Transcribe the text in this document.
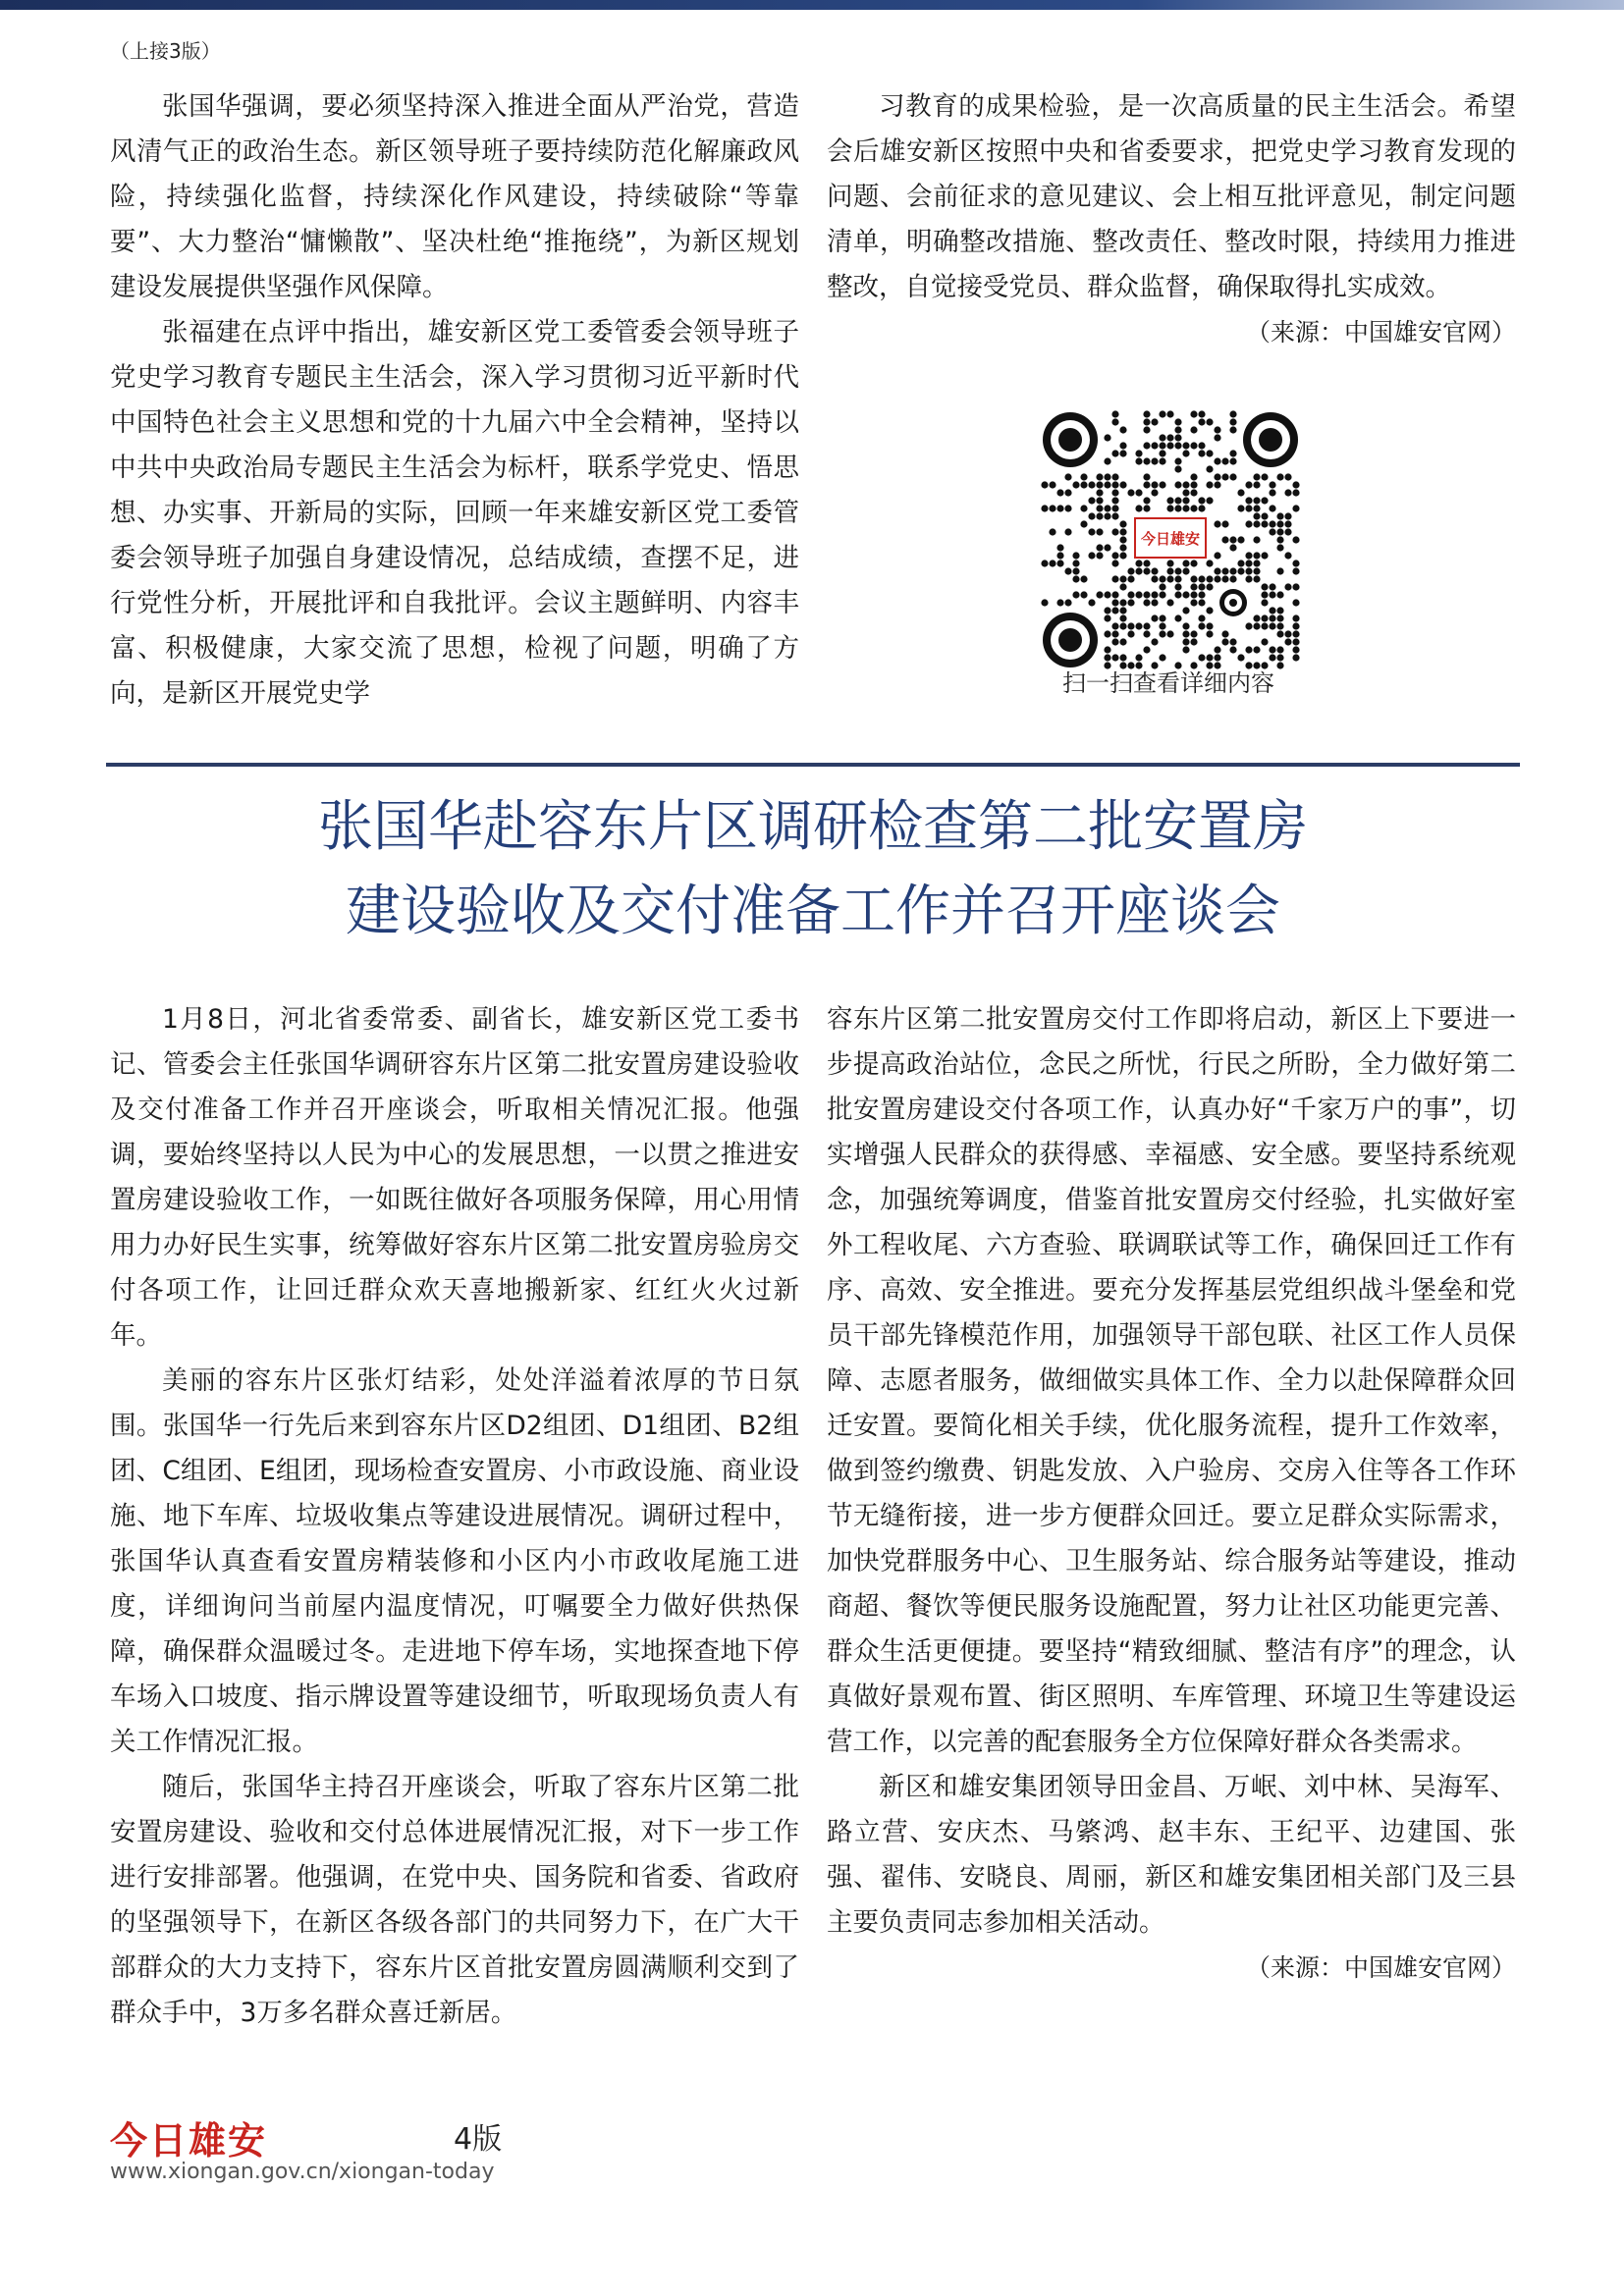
（上接3版）

张国华强调，要必须坚持深入推进全面从严治党，营造风清气正的政治生态。新区领导班子要持续防范化解廉政风险，持续强化监督，持续深化作风建设，持续破除“等靠要”、大力整治“慵懒散”、坚决杜绝“推拖绕”，为新区规划建设发展提供坚强作风保障。

张福建在点评中指出，雄安新区党工委管委会领导班子党史学习教育专题民主生活会，深入学习贯彻习近平新时代中国特色社会主义思想和党的十九届六中全会精神，坚持以中共中央政治局专题民主生活会为标杆，联系学党史、悟思想、办实事、开新局的实际，回顾一年来雄安新区党工委管委会领导班子加强自身建设情况，总结成绩，查摆不足，进行党性分析，开展批评和自我批评。会议主题鲜明、内容丰富、积极健康，大家交流了思想，检视了问题，明确了方向，是新区开展党史学

习教育的成果检验，是一次高质量的民主生活会。希望会后雄安新区按照中央和省委要求，把党史学习教育发现的问题、会前征求的意见建议、会上相互批评意见，制定问题清单，明确整改措施、整改责任、整改时限，持续用力推进整改，自觉接受党员、群众监督，确保取得扎实成效。
（来源：中国雄安官网）

今日雄安
扫一扫查看详细内容
张国华赴容东片区调研检查第二批安置房
建设验收及交付准备工作并召开座谈会

1月8日，河北省委常委、副省长，雄安新区党工委书记、管委会主任张国华调研容东片区第二批安置房建设验收及交付准备工作并召开座谈会，听取相关情况汇报。他强调，要始终坚持以人民为中心的发展思想，一以贯之推进安置房建设验收工作，一如既往做好各项服务保障，用心用情用力办好民生实事，统筹做好容东片区第二批安置房验房交付各项工作，让回迁群众欢天喜地搬新家、红红火火过新年。

美丽的容东片区张灯结彩，处处洋溢着浓厚的节日氛围。张国华一行先后来到容东片区D2组团、D1组团、B2组团、C组团、E组团，现场检查安置房、小市政设施、商业设施、地下车库、垃圾收集点等建设进展情况。调研过程中，张国华认真查看安置房精装修和小区内小市政收尾施工进度，详细询问当前屋内温度情况，叮嘱要全力做好供热保障，确保群众温暖过冬。走进地下停车场，实地探查地下停车场入口坡度、指示牌设置等建设细节，听取现场负责人有关工作情况汇报。

随后，张国华主持召开座谈会，听取了容东片区第二批安置房建设、验收和交付总体进展情况汇报，对下一步工作进行安排部署。他强调，在党中央、国务院和省委、省政府的坚强领导下，在新区各级各部门的共同努力下，在广大干部群众的大力支持下，容东片区首批安置房圆满顺利交到了群众手中，3万多名群众喜迁新居。

容东片区第二批安置房交付工作即将启动，新区上下要进一步提高政治站位，念民之所忧，行民之所盼，全力做好第二批安置房建设交付各项工作，认真办好“千家万户的事”，切实增强人民群众的获得感、幸福感、安全感。要坚持系统观念，加强统筹调度，借鉴首批安置房交付经验，扎实做好室外工程收尾、六方查验、联调联试等工作，确保回迁工作有序、高效、安全推进。要充分发挥基层党组织战斗堡垒和党员干部先锋模范作用，加强领导干部包联、社区工作人员保障、志愿者服务，做细做实具体工作、全力以赴保障群众回迁安置。要简化相关手续，优化服务流程，提升工作效率，做到签约缴费、钥匙发放、入户验房、交房入住等各工作环节无缝衔接，进一步方便群众回迁。要立足群众实际需求，加快党群服务中心、卫生服务站、综合服务站等建设，推动商超、餐饮等便民服务设施配置，努力让社区功能更完善、群众生活更便捷。要坚持“精致细腻、整洁有序”的理念，认真做好景观布置、街区照明、车库管理、环境卫生等建设运营工作，以完善的配套服务全方位保障好群众各类需求。

新区和雄安集团领导田金昌、万岷、刘中林、吴海军、路立营、安庆杰、马綮鸿、赵丰东、王纪平、边建国、张强、翟伟、安晓良、周丽，新区和雄安集团相关部门及三县主要负责同志参加相关活动。

（来源：中国雄安官网）
今日雄安	4版
www.xiongan.gov.cn/xiongan-today
